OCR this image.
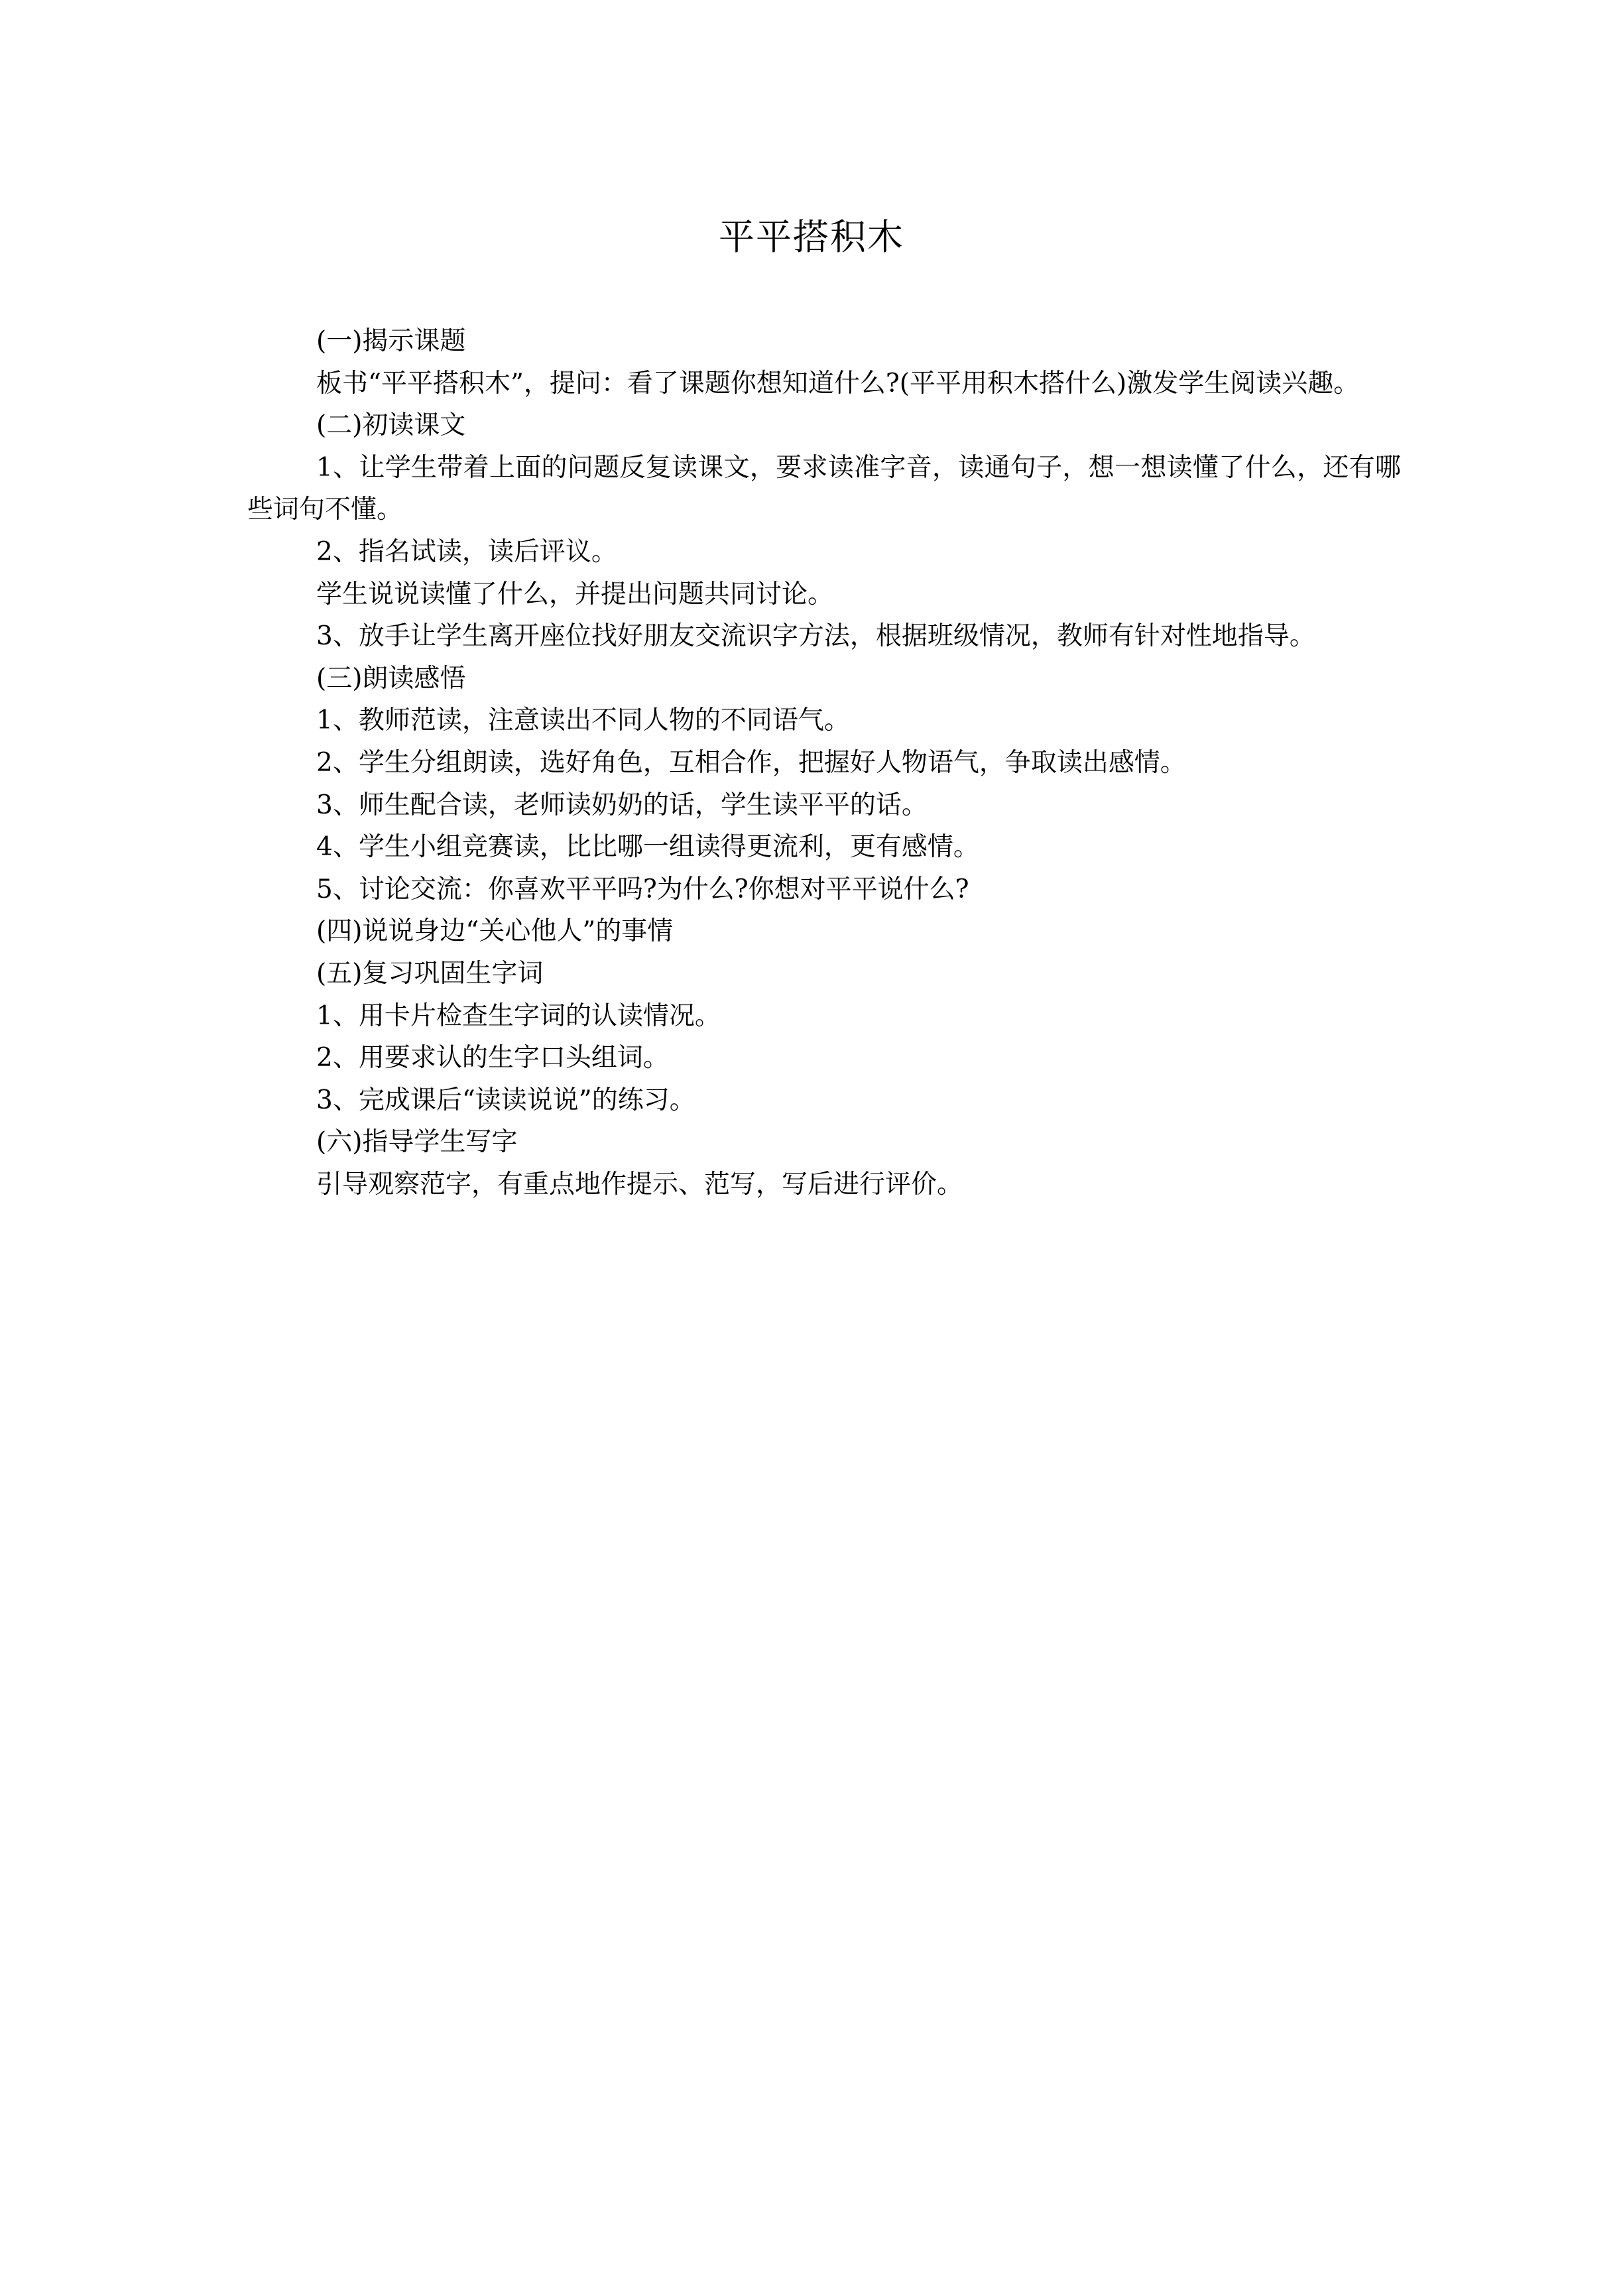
平平搭积木

(一)揭示课题

板书“平平搭积木”，提问：看了课题你想知道什么?(平平用积木搭什么)激发学生阅读兴趣。

(二)初读课文

1、让学生带着上面的问题反复读课文，要求读准字音，读通句子，想一想读懂了什么，还有哪些词句不懂。

2、指名试读，读后评议。

学生说说读懂了什么，并提出问题共同讨论。

3、放手让学生离开座位找好朋友交流识字方法，根据班级情况，教师有针对性地指导。

(三)朗读感悟

1、教师范读，注意读出不同人物的不同语气。

2、学生分组朗读，选好角色，互相合作，把握好人物语气，争取读出感情。

3、师生配合读，老师读奶奶的话，学生读平平的话。

4、学生小组竞赛读，比比哪一组读得更流利，更有感情。

5、讨论交流：你喜欢平平吗?为什么?你想对平平说什么?

(四)说说身边“关心他人”的事情

(五)复习巩固生字词

1、用卡片检查生字词的认读情况。

2、用要求认的生字口头组词。

3、完成课后“读读说说”的练习。

(六)指导学生写字

引导观察范字，有重点地作提示、范写，写后进行评价。
